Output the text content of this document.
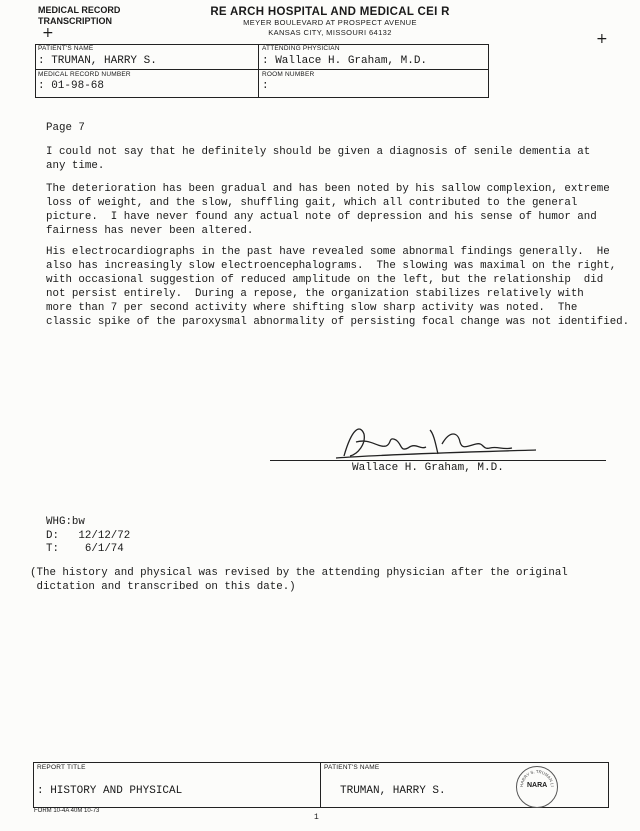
MEDICAL RECORD
TRANSCRIPTION
+	+
RE ARCH HOSPITAL AND MEDICAL CEI R
MEYER BOULEVARD AT PROSPECT AVENUE
KANSAS CITY, MISSOURI 64132
PATIENT'S NAME
: TRUMAN, HARRY S.
ATTENDING PHYSICIAN
: Wallace H. Graham, M.D.
MEDICAL RECORD NUMBER
: 01-98-68
ROOM NUMBER
:
Page 7
I could not say that he definitely should be given a diagnosis of senile dementia at
any time.
The deterioration has been gradual and has been noted by his sallow complexion, extreme
loss of weight, and the slow, shuffling gait, which all contributed to the general
picture.  I have never found any actual note of depression and his sense of humor and
fairness has never been altered.
His electrocardiographs in the past have revealed some abnormal findings generally.  He
also has increasingly slow electroencephalograms.  The slowing was maximal on the right,
with occasional suggestion of reduced amplitude on the left, but the relationship  did
not persist entirely.  During a repose, the organization stabilizes relatively with
more than 7 per second activity where shifting slow sharp activity was noted.  The
classic spike of the paroxysmal abnormality of persisting focal change was not identified.
Wallace H. Graham, M.D.
WHG:bw
D:   12/12/72
T:    6/1/74
(The history and physical was revised by the attending physician after the original
dictation and transcribed on this date.)
REPORT TITLE
: HISTORY AND PHYSICAL
PATIENT'S NAME
TRUMAN, HARRY S.	HARRY S. TRUMAN LI
NARA
FORM 10-4A 40M 10-73
1
